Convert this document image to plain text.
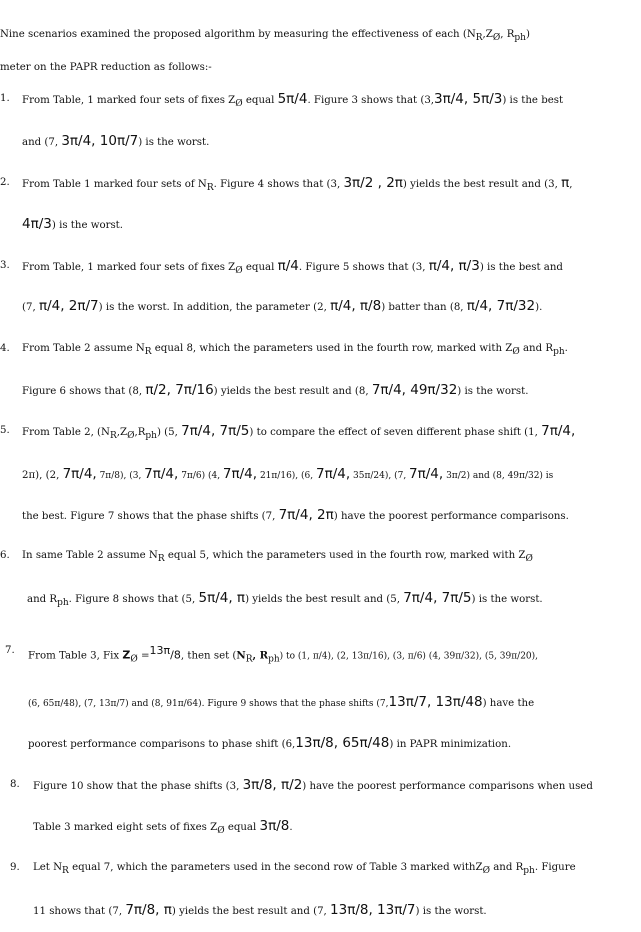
Nine scenarios examined the proposed algorithm by measuring the effectiveness of each ($N_R,Z_Ø$, $R_{ph}$)
meter on the PAPR reduction as follows:-
1. From Table, 1 marked four sets of fixes $Z_Ø$ equal 5π/4. Figure 3 shows that (3,3π/4, 5π/3) is the best
and (7, 3π/4, 10π/7) is the worst.
2. From Table 1 marked four sets of $N_R$. Figure 4 shows that (3, 3π/2 , 2π) yields the best result and (3, π,
4π/3) is the worst.
3. From Table, 1 marked four sets of fixes $Z_Ø$ equal π/4. Figure 5 shows that (3, π/4, π/3) is the best and
(7, π/4, 2π/7) is the worst. In addition, the parameter (2, π/4, π/8) batter than (8, π/4, 7π/32).
4. From Table 2 assume $N_R$ equal 8, which the parameters used in the fourth row, marked with $Z_Ø$ and $R_{ph}$.
Figure 6 shows that (8, π/2, 7π/16) yields the best result and (8, 7π/4, 49π/32) is the worst.
5. From Table 2, $(N_R,Z_Ø,R_{ph})$ (5, 7π/4, 7π/5) to compare the effect of seven different phase shift (1, 7π/4,
2π), (2, 7π/4, 7π/8), (3, 7π/4, 7π/6) (4, 7π/4, 21π/16), (6, 7π/4, 35π/24), (7, 7π/4, 3π/2) and (8, 49π/32) is
the best. Figure 7 shows that the phase shifts (7, 7π/4, 2π) have the poorest performance comparisons.
6. In same Table 2 assume $N_R$ equal 5, which the parameters used in the fourth row, marked with $Z_Ø$
and $R_{ph}$. Figure 8 shows that (5, 5π/4, π) yields the best result and (5, 7π/4, 7π/5) is the worst.
7. From Table 3, Fix $Z_Ø =^{13\pi}/8$, then set ($N_R$, $R_{ph}$) to (1, π/4), (2, 13π/16), (3, π/6) (4, 39π/32), (5, 39π/20),
(6, 65π/48), (7, 13π/7) and (8, 91π/64). Figure 9 shows that the phase shifts (7,13π/7, 13π/48) have the
poorest performance comparisons to phase shift (6,13π/8, 65π/48) in PAPR minimization.
8. Figure 10 show that the phase shifts (3, 3π/8, π/2) have the poorest performance comparisons when used
Table 3 marked eight sets of fixes $Z_Ø$ equal 3π/8.
9. Let $N_R$ equal 7, which the parameters used in the second row of Table 3 marked withZ$_Ø$ and $R_{ph}$. Figure
11 shows that (7, 7π/8, π) yields the best result and (7, 13π/8, 13π/7) is the worst.
